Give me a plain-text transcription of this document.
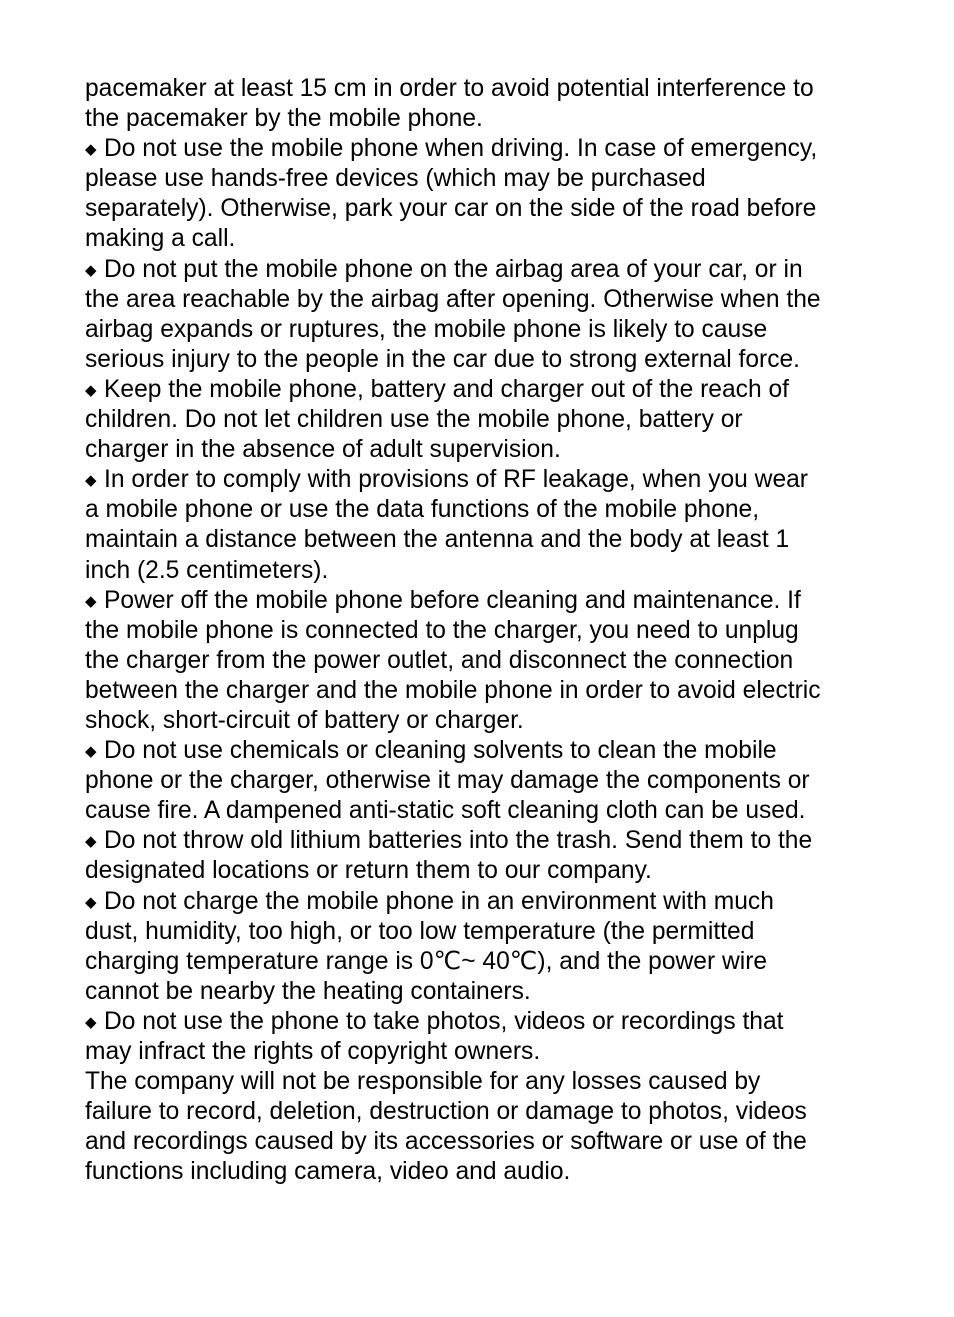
pacemaker at least 15 cm in order to avoid potential interference to
the pacemaker by the mobile phone.

◆ Do not use the mobile phone when driving. In case of emergency,
please use hands-free devices (which may be purchased
separately). Otherwise, park your car on the side of the road before
making a call.

◆ Do not put the mobile phone on the airbag area of your car, or in
the area reachable by the airbag after opening. Otherwise when the
airbag expands or ruptures, the mobile phone is likely to cause
serious injury to the people in the car due to strong external force.

◆ Keep the mobile phone, battery and charger out of the reach of
children. Do not let children use the mobile phone, battery or
charger in the absence of adult supervision.

◆ In order to comply with provisions of RF leakage, when you wear
a mobile phone or use the data functions of the mobile phone,
maintain a distance between the antenna and the body at least 1
inch (2.5 centimeters).

◆ Power off the mobile phone before cleaning and maintenance. If
the mobile phone is connected to the charger, you need to unplug
the charger from the power outlet, and disconnect the connection
between the charger and the mobile phone in order to avoid electric
shock, short-circuit of battery or charger.

◆ Do not use chemicals or cleaning solvents to clean the mobile
phone or the charger, otherwise it may damage the components or
cause fire. A dampened anti-static soft cleaning cloth can be used.

◆ Do not throw old lithium batteries into the trash. Send them to the
designated locations or return them to our company.

◆ Do not charge the mobile phone in an environment with much
dust, humidity, too high, or too low temperature (the permitted
charging temperature range is 0℃~ 40℃), and the power wire
cannot be nearby the heating containers.

◆ Do not use the phone to take photos, videos or recordings that
may infract the rights of copyright owners.

The company will not be responsible for any losses caused by
failure to record, deletion, destruction or damage to photos, videos
and recordings caused by its accessories or software or use of the
functions including camera, video and audio.
